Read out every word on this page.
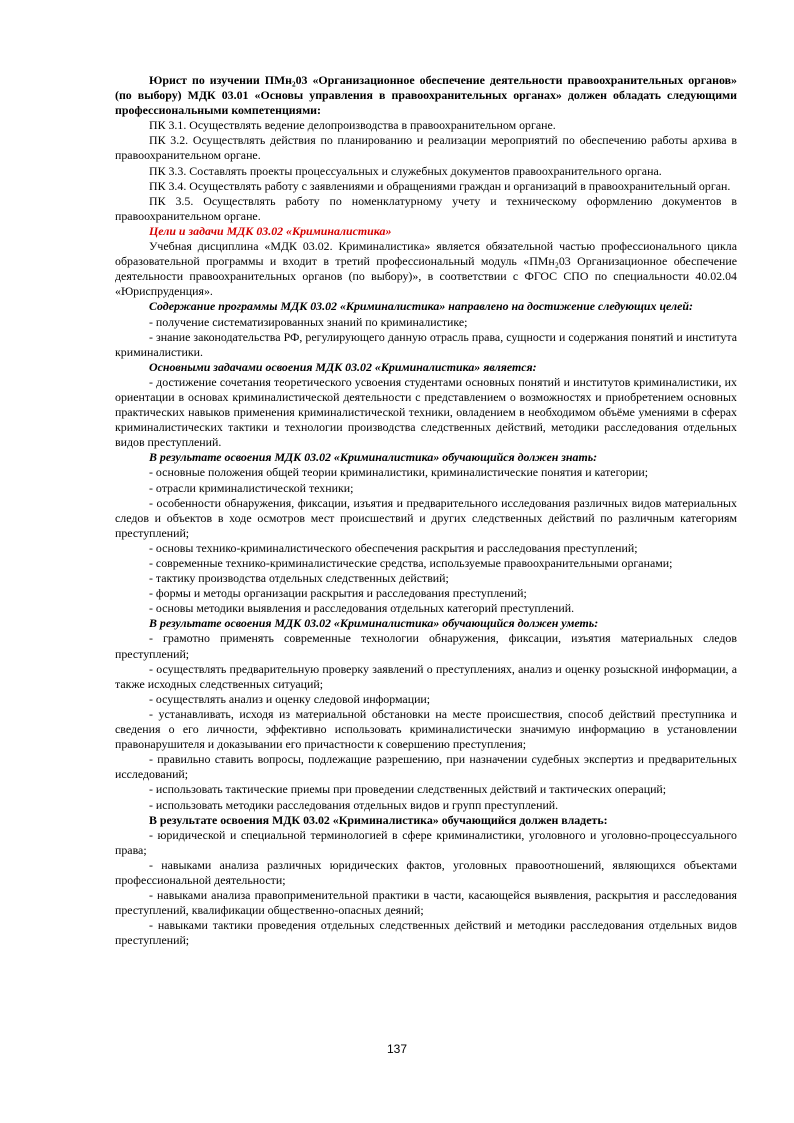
Юрист по изучении ПМн₂03 «Организационное обеспечение деятельности правоохранительных органов» (по выбору) МДК 03.01 «Основы управления в правоохранительных органах» должен обладать следующими профессиональными компетенциями:

ПК 3.1. Осуществлять ведение делопроизводства в правоохранительном органе.

ПК 3.2. Осуществлять действия по планированию и реализации мероприятий по обеспечению работы архива в правоохранительном органе.

ПК 3.3. Составлять проекты процессуальных и служебных документов правоохранительного органа.

ПК 3.4. Осуществлять работу с заявлениями и обращениями граждан и организаций в правоохранительный орган.

ПК 3.5. Осуществлять работу по номенклатурному учету и техническому оформлению документов в правоохранительном органе.

Цели и задачи МДК 03.02 «Криминалистика»

Учебная дисциплина «МДК 03.02. Криминалистика» является обязательной частью профессионального цикла образовательной программы и входит в третий профессиональный модуль «ПМн₂03 Организационное обеспечение деятельности правоохранительных органов (по выбору)», в соответствии с ФГОС СПО по специальности 40.02.04 «Юриспруденция».

Содержание программы МДК 03.02 «Криминалистика» направлено на достижение следующих целей:

- получение систематизированных знаний по криминалистике;

- знание законодательства РФ, регулирующего данную отрасль права, сущности и содержания понятий и института криминалистики.

Основными задачами освоения МДК 03.02 «Криминалистика» является:

- достижение сочетания теоретического усвоения студентами основных понятий и институтов криминалистики, их ориентации в основах криминалистической деятельности с представлением о возможностях и приобретением основных практических навыков применения криминалистической техники, овладением в необходимом объёме умениями в сферах криминалистических тактики и технологии производства следственных действий, методики расследования отдельных видов преступлений.

В результате освоения МДК 03.02 «Криминалистика» обучающийся должен знать:

- основные положения общей теории криминалистики, криминалистические понятия и категории;

- отрасли криминалистической техники;

- особенности обнаружения, фиксации, изъятия и предварительного исследования различных видов материальных следов и объектов в ходе осмотров мест происшествий и других следственных действий по различным категориям преступлений;

- основы технико-криминалистического обеспечения раскрытия и расследования преступлений;

- современные технико-криминалистические средства, используемые правоохранительными органами;

- тактику производства отдельных следственных действий;

- формы и методы организации раскрытия и расследования преступлений;

- основы методики выявления и расследования отдельных категорий преступлений.

В результате освоения МДК 03.02 «Криминалистика» обучающийся должен уметь:

- грамотно применять современные технологии обнаружения, фиксации, изъятия материальных следов преступлений;

- осуществлять предварительную проверку заявлений о преступлениях, анализ и оценку розыскной информации, а также исходных следственных ситуаций;

- осуществлять анализ и оценку следовой информации;

- устанавливать, исходя из материальной обстановки на месте происшествия, способ действий преступника и сведения о его личности, эффективно использовать криминалистически значимую информацию в установлении правонарушителя и доказывании его причастности к совершению преступления;

- правильно ставить вопросы, подлежащие разрешению, при назначении судебных экспертиз и предварительных исследований;

- использовать тактические приемы при проведении следственных действий и тактических операций;

- использовать методики расследования отдельных видов и групп преступлений.

В результате освоения МДК 03.02 «Криминалистика» обучающийся должен владеть:

- юридической и специальной терминологией в сфере криминалистики, уголовного и уголовно-процессуального права;

- навыками анализа различных юридических фактов, уголовных правоотношений, являющихся объектами профессиональной деятельности;

- навыками анализа правоприменительной практики в части, касающейся выявления, раскрытия и расследования преступлений, квалификации общественно-опасных деяний;

- навыками тактики проведения отдельных следственных действий и методики расследования отдельных видов преступлений;

137
